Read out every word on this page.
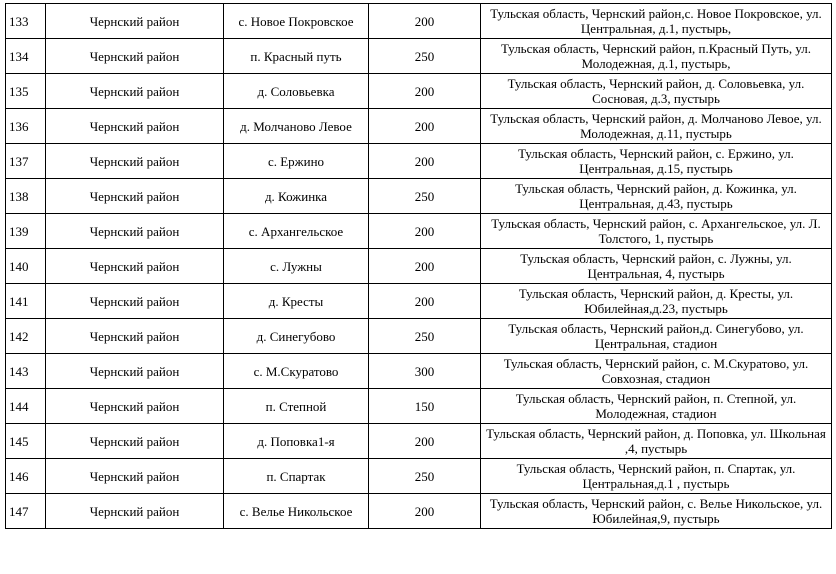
133	Чернский район	с. Новое Покровское	200	Тульская область, Чернский район,с. Новое Покровское, ул. Центральная, д.1, пустырь,
134	Чернский район	п. Красный путь	250	Тульская область, Чернский район, п.Красный Путь, ул. Молодежная, д.1, пустырь,
135	Чернский район	д. Соловьевка	200	Тульская область, Чернский район, д. Соловьевка, ул. Сосновая, д.3, пустырь
136	Чернский район	д. Молчаново Левое	200	Тульская область, Чернский район, д. Молчаново Левое, ул. Молодежная, д.11, пустырь
137	Чернский район	с. Ержино	200	Тульская область, Чернский район, с. Ержино, ул. Центральная, д.15, пустырь
138	Чернский район	д. Кожинка	250	Тульская область, Чернский район, д. Кожинка, ул. Центральная, д.43, пустырь
139	Чернский район	с. Архангельское	200	Тульская область, Чернский район, с. Архангельское, ул. Л. Толстого, 1, пустырь
140	Чернский район	с. Лужны	200	Тульская область, Чернский район, с. Лужны, ул. Центральная, 4, пустырь
141	Чернский район	д. Кресты	200	Тульская область, Чернский район, д. Кресты, ул. Юбилейная,д.23, пустырь
142	Чернский район	д. Синегубово	250	Тульская область, Чернский район,д. Синегубово, ул. Центральная, стадион
143	Чернский район	с. М.Скуратово	300	Тульская область, Чернский район, с. М.Скуратово, ул. Совхозная, стадион
144	Чернский район	п. Степной	150	Тульская область, Чернский район, п. Степной, ул. Молодежная, стадион
145	Чернский район	д. Поповка1-я	200	Тульская область, Чернский район, д. Поповка, ул. Школьная ,4, пустырь
146	Чернский район	п. Спартак	250	Тульская область, Чернский район, п. Спартак, ул. Центральная,д.1 , пустырь
147	Чернский район	с. Велье Никольское	200	Тульская область, Чернский район, с. Велье Никольское, ул. Юбилейная,9, пустырь
